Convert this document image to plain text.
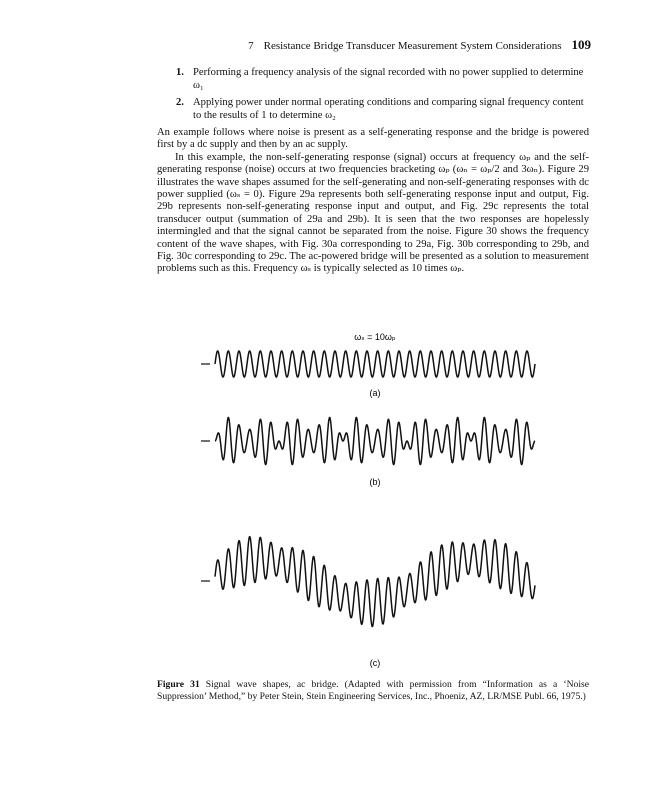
7 Resistance Bridge Transducer Measurement System Considerations 109
1. Performing a frequency analysis of the signal recorded with no power supplied to determine ω₁
2. Applying power under normal operating conditions and comparing signal frequency content to the results of 1 to determine ω₂

An example follows where noise is present as a self-generating response and the bridge is powered first by a dc supply and then by an ac supply.

In this example, the non-self-generating response (signal) occurs at frequency ωₚ and the self-generating response (noise) occurs at two frequencies bracketing ωₚ (ωₙ = ωₚ/2 and 3ωₙ). Figure 29 illustrates the wave shapes assumed for the self-generating and non-self-generating responses with dc power supplied (ωₛ = 0). Figure 29a represents both self-generating response input and output, Fig. 29b represents non-self-generating response input and output, and Fig. 29c represents the total transducer output (summation of 29a and 29b). It is seen that the two responses are hopelessly intermingled and that the signal cannot be separated from the noise. Figure 30 shows the frequency content of the wave shapes, with Fig. 30a corresponding to 29a, Fig. 30b corresponding to 29b, and Fig. 30c corresponding to 29c. The ac-powered bridge will be presented as a solution to measurement problems such as this. Frequency ωₛ is typically selected as 10 times ωₚ.

ωₛ = 10ωₚ
(a)
(b)
(c)
Figure 31 Signal wave shapes, ac bridge. (Adapted with permission from “Information as a ‘Noise Suppression’ Method,” by Peter Stein, Stein Engineering Services, Inc., Phoeniz, AZ, LR/MSE Publ. 66, 1975.)
